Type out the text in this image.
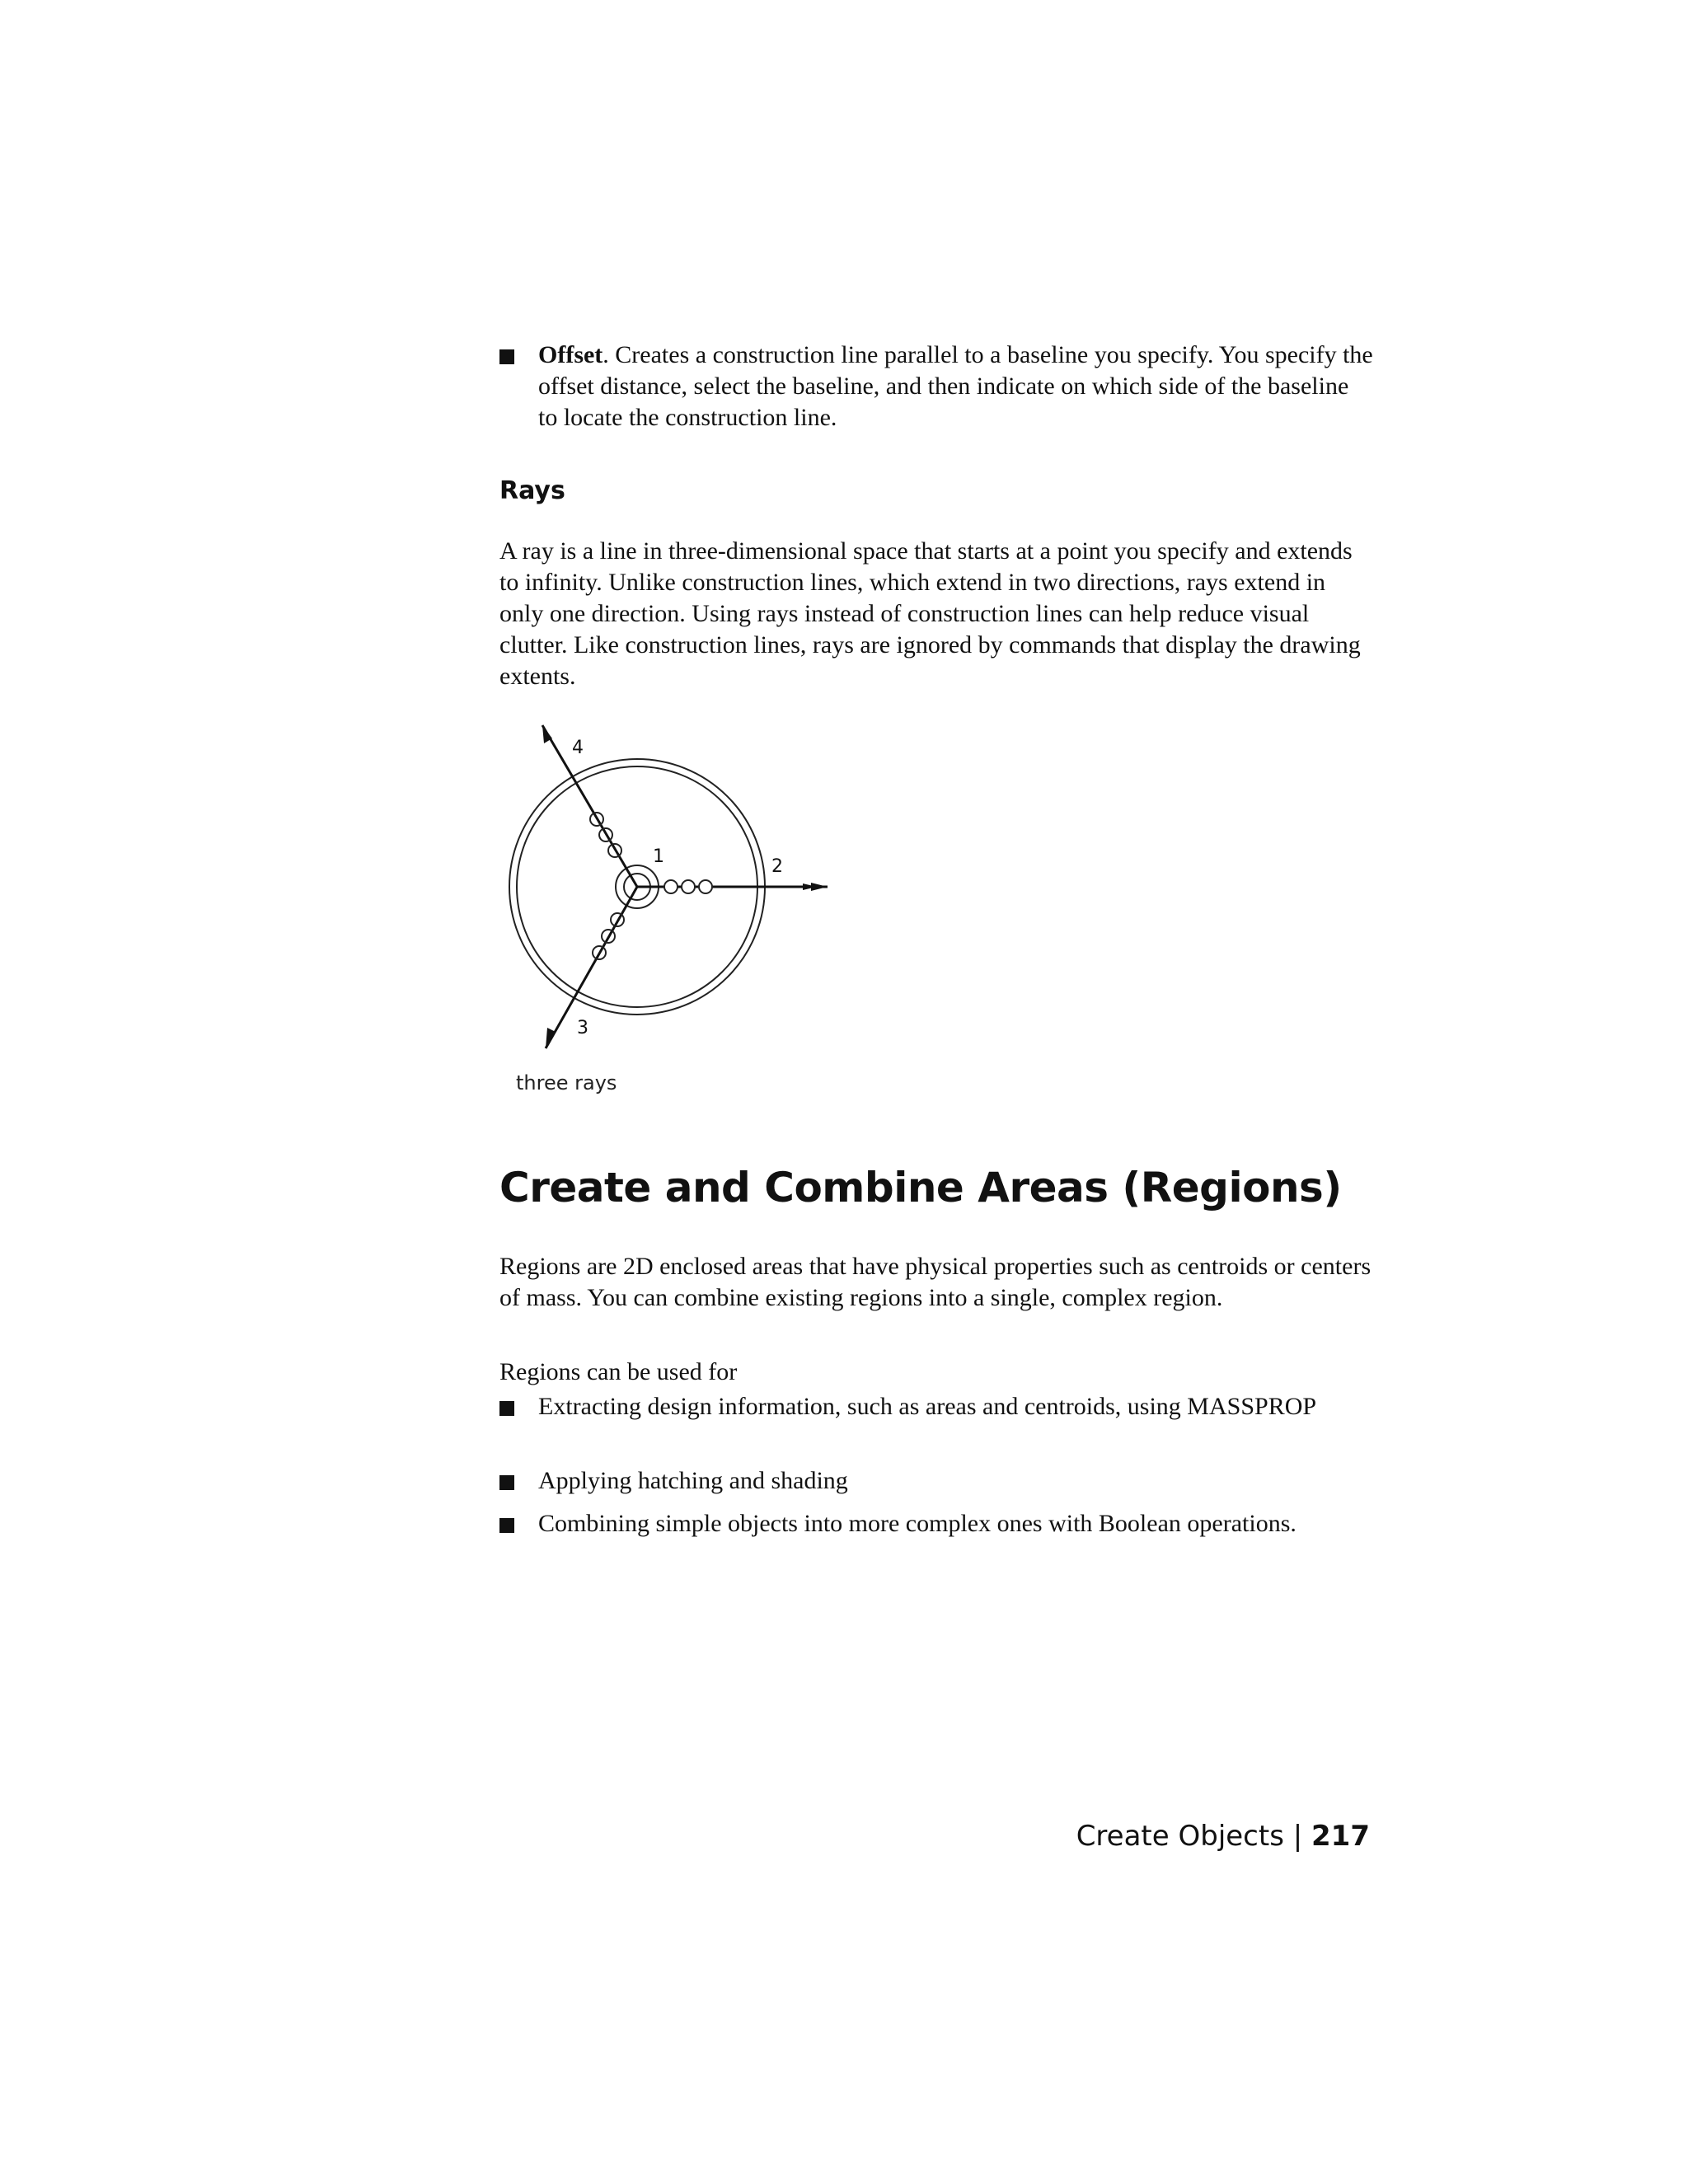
Offset. Creates a construction line parallel to a baseline you specify. You specify the offset distance, select the baseline, and then indicate on which side of the baseline to locate the construction line.
Rays
A ray is a line in three-dimensional space that starts at a point you specify and extends to infinity. Unlike construction lines, which extend in two directions, rays extend in only one direction. Using rays instead of construction lines can help reduce visual clutter. Like construction lines, rays are ignored by commands that display the drawing extents.
1	2
3
4
three rays
Create and Combine Areas (Regions)
Regions are 2D enclosed areas that have physical properties such as centroids or centers of mass. You can combine existing regions into a single, complex region.
Regions can be used for
Extracting design information, such as areas and centroids, using MASSPROP
Applying hatching and shading
Combining simple objects into more complex ones with Boolean operations.
Create Objects | 217
